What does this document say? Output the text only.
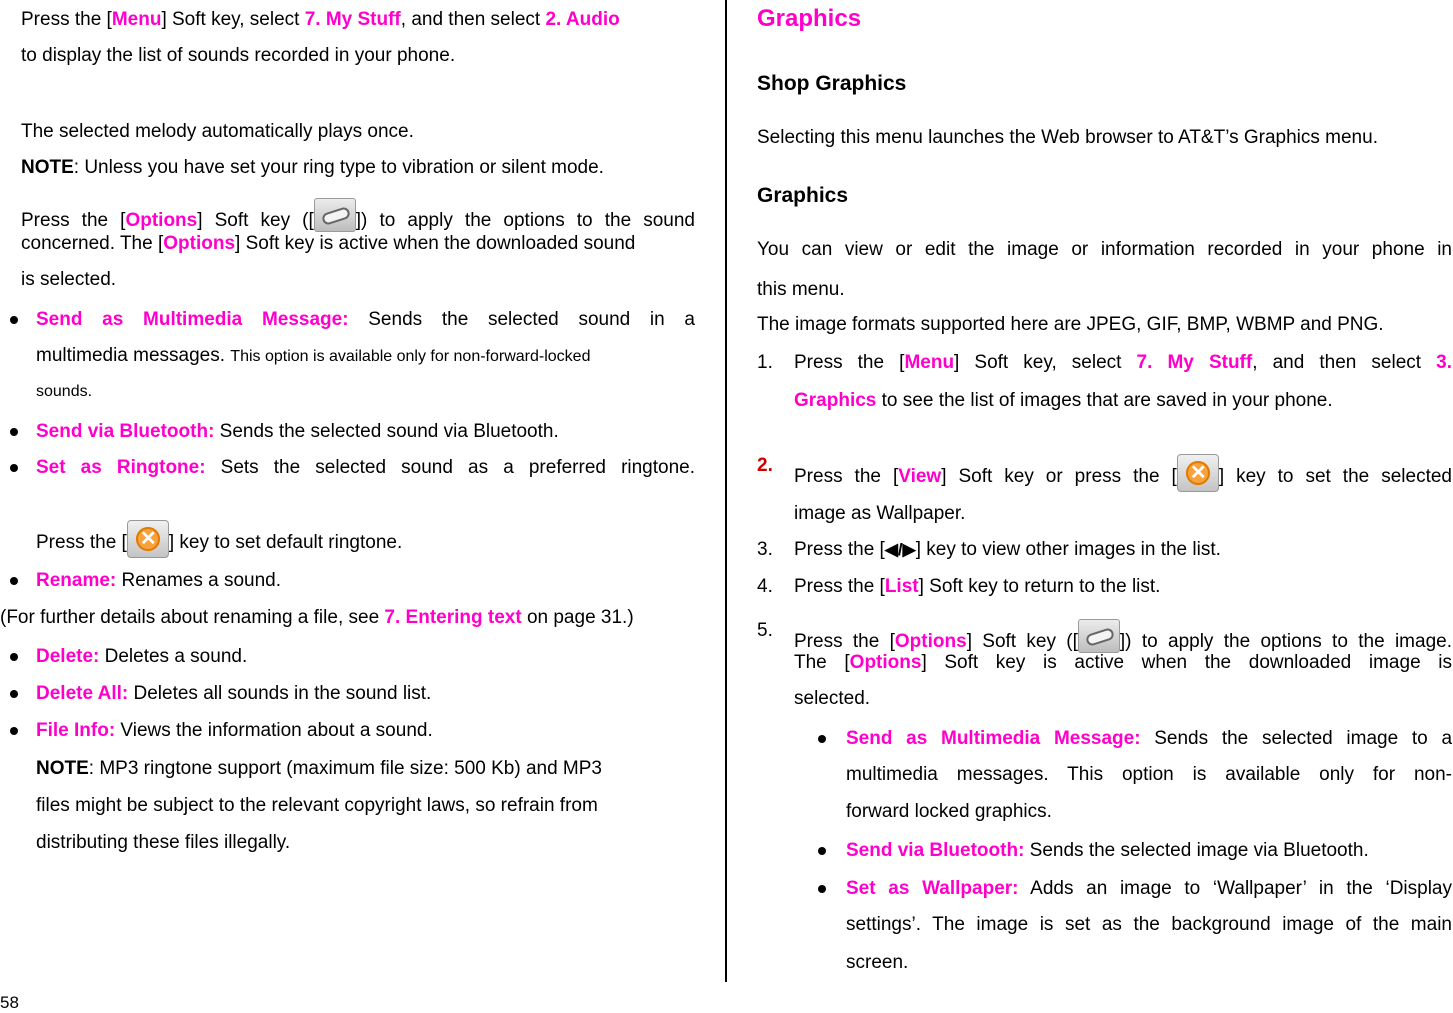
Press the [Menu] Soft key, select 7. My Stuff, and then select 2. Audio
to display the list of sounds recorded in your phone.
The selected melody automatically plays once.
NOTE: Unless you have set your ring type to vibration or silent mode.
Press the [Options] Soft key ([ ]) to apply the options to the sound
concerned. The [Options] Soft key is active when the downloaded sound
is selected.
Send as Multimedia Message: Sends the selected sound in a
multimedia messages. This option is available only for non-forward-locked
sounds.
Send via Bluetooth: Sends the selected sound via Bluetooth.
Set as Ringtone: Sets the selected sound as a preferred ringtone.
Press the [ ✕ ] key to set default ringtone.
Rename: Renames a sound.
(For further details about renaming a file, see 7. Entering text on page 31.)
Delete: Deletes a sound.
Delete All: Deletes all sounds in the sound list.
File Info: Views the information about a sound.
NOTE: MP3 ringtone support (maximum file size: 500 Kb) and MP3
files might be subject to the relevant copyright laws, so refrain from
distributing these files illegally.
58
Graphics
Shop Graphics
Selecting this menu launches the Web browser to AT&T’s Graphics menu.
Graphics
You can view or edit the image or information recorded in your phone in
this menu.
The image formats supported here are JPEG, GIF, BMP, WBMP and PNG.
1. Press the [Menu] Soft key, select 7. My Stuff, and then select 3.
Graphics to see the list of images that are saved in your phone.
2.
Press the [View] Soft key or press the [ ✕ ] key to set the selected
image as Wallpaper.
3. Press the [◀/▶] key to view other images in the list.
4. Press the [List] Soft key to return to the list.
5.
Press the [Options] Soft key ([ ]) to apply the options to the image.
The [Options] Soft key is active when the downloaded image is
selected.
Send as Multimedia Message: Sends the selected image to a
multimedia messages. This option is available only for non-
forward locked graphics.
Send via Bluetooth: Sends the selected image via Bluetooth.
Set as Wallpaper: Adds an image to ‘Wallpaper’ in the ‘Display
settings’. The image is set as the background image of the main
screen.
